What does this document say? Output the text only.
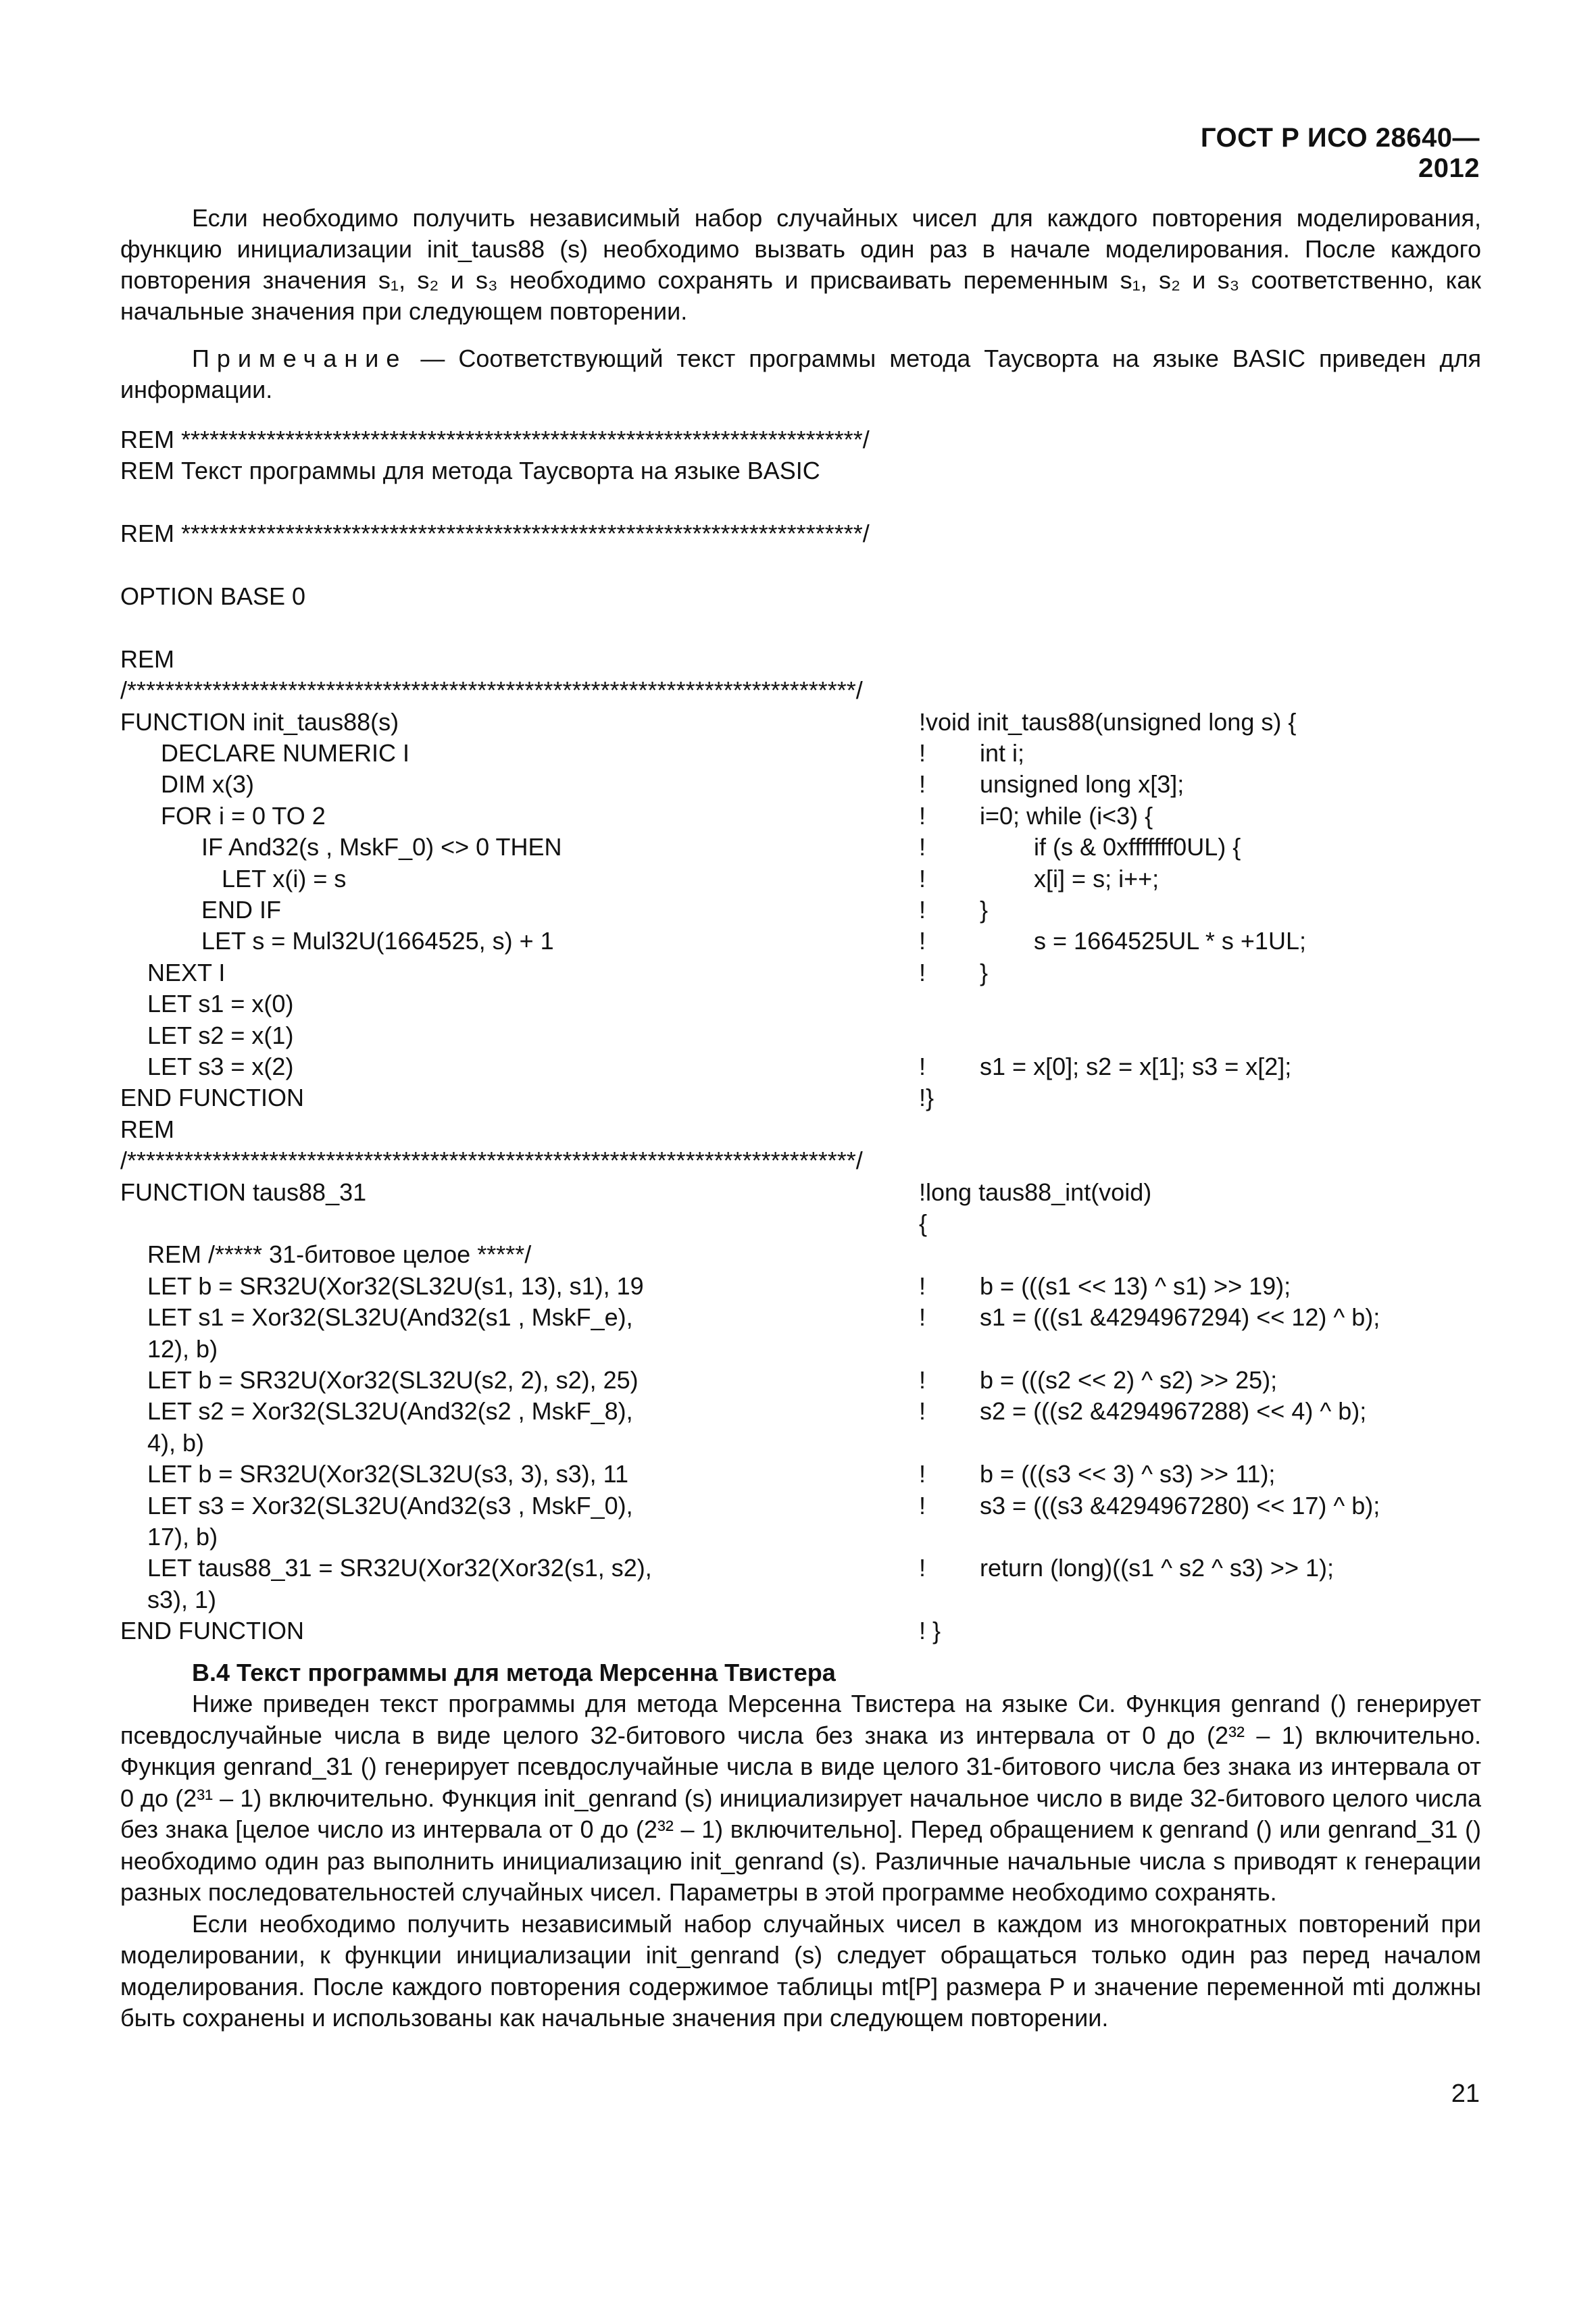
ГОСТ Р ИСО 28640—2012

Если необходимо получить независимый набор случайных чисел для каждого повторения моделирования, функцию инициализации init_taus88 (s) необходимо вызвать один раз в начале моделирования. После каждого повторения значения s₁, s₂ и s₃ необходимо сохранять и присваивать переменным s₁, s₂ и s₃ соответственно, как начальные значения при следующем повторении.

Примечание — Соответствующий текст программы метода Таусворта на языке BASIC приведен для информации.

REM ************************************************************************/
REM Текст программы для метода Таусворта на языке BASIC
REM ************************************************************************/
OPTION BASE 0
REM
/*****************************************************************************/
FUNCTION init_taus88(s)	!void init_taus88(unsigned long s) {
DECLARE NUMERIC I	!        int i;
DIM x(3)	!        unsigned long x[3];
FOR i = 0 TO 2	!        i=0; while (i<3) {
IF And32(s , MskF_0) <> 0 THEN	!                if (s & 0xfffffff0UL) {
LET x(i) = s	!                x[i] = s; i++;
END IF	!        }
LET s = Mul32U(1664525, s) + 1	!                s = 1664525UL * s +1UL;
NEXT I	!        }
LET s1 = x(0)
LET s2 = x(1)
LET s3 = x(2)	!        s1 = x[0]; s2 = x[1]; s3 = x[2];
END FUNCTION	!}
REM
/*****************************************************************************/
FUNCTION taus88_31	!long taus88_int(void)
{
REM /***** 31-битовое целое *****/
LET b = SR32U(Xor32(SL32U(s1, 13), s1), 19	!        b = (((s1 << 13) ^ s1) >> 19);
LET s1 = Xor32(SL32U(And32(s1 , MskF_e),	!        s1 = (((s1 &4294967294) << 12) ^ b);
12), b)
LET b = SR32U(Xor32(SL32U(s2, 2), s2), 25)	!        b = (((s2 << 2) ^ s2) >> 25);
LET s2 = Xor32(SL32U(And32(s2 , MskF_8),	!        s2 = (((s2 &4294967288) << 4) ^ b);
4), b)
LET b = SR32U(Xor32(SL32U(s3, 3), s3), 11	!        b = (((s3 << 3) ^ s3) >> 11);
LET s3 = Xor32(SL32U(And32(s3 , MskF_0),	!        s3 = (((s3 &4294967280) << 17) ^ b);
17), b)
LET taus88_31 = SR32U(Xor32(Xor32(s1, s2),	!        return (long)((s1 ^ s2 ^ s3) >> 1);
s3), 1)
END FUNCTION	! }
В.4 Текст программы для метода Мерсенна Твистера

Ниже приведен текст программы для метода Мерсенна Твистера на языке Си. Функция genrand () генерирует псевдослучайные числа в виде целого 32-битового числа без знака из интервала от 0 до (2³² – 1) включительно. Функция genrand_31 () генерирует псевдослучайные числа в виде целого 31-битового числа без знака из интервала от 0 до (2³¹ – 1) включительно. Функция init_genrand (s) инициализирует начальное число в виде 32-битового целого числа без знака [целое число из интервала от 0 до (2³² – 1) включительно]. Перед обращением к genrand () или genrand_31 () необходимо один раз выполнить инициализацию init_genrand (s). Различные начальные числа s приводят к генерации разных последовательностей случайных чисел. Параметры в этой программе необходимо сохранять.

Если необходимо получить независимый набор случайных чисел в каждом из многократных повторений при моделировании, к функции инициализации init_genrand (s) следует обращаться только один раз перед началом моделирования. После каждого повторения содержимое таблицы mt[P] размера P и значение переменной mti должны быть сохранены и использованы как начальные значения при следующем повторении.

21
